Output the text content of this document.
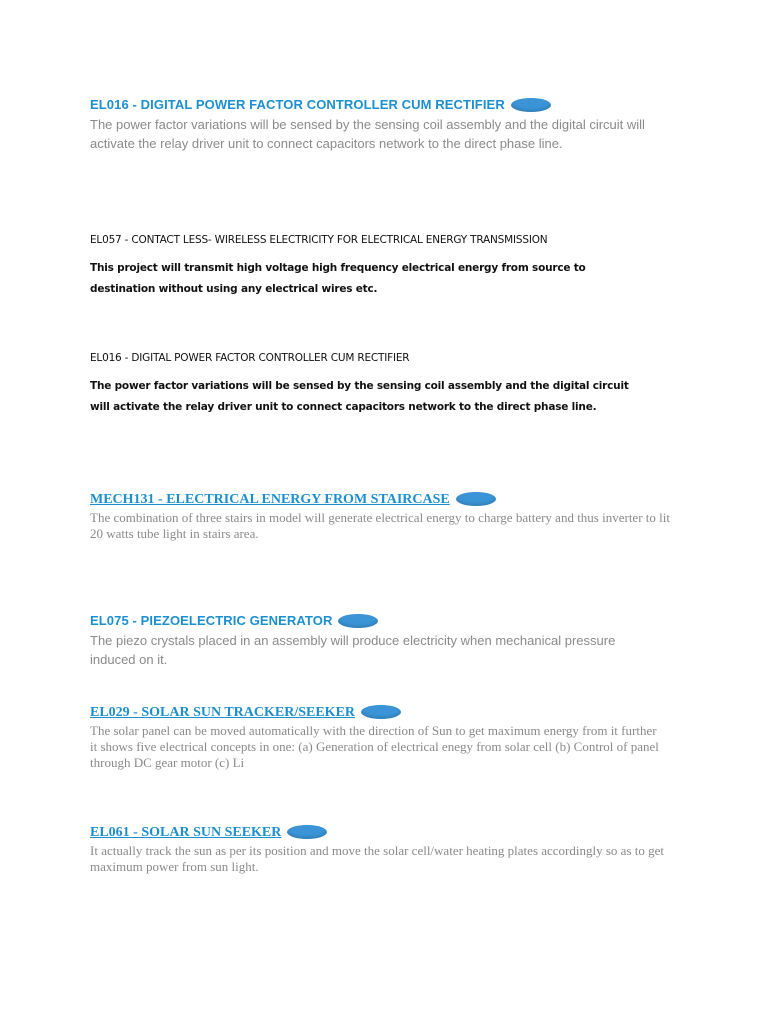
EL016 - DIGITAL POWER FACTOR CONTROLLER CUM RECTIFIER
The power factor variations will be sensed by the sensing coil assembly and the digital circuit will activate the relay driver unit to connect capacitors network to the direct phase line.
EL057 - CONTACT LESS- WIRELESS ELECTRICITY FOR ELECTRICAL ENERGY TRANSMISSION
This project will transmit high voltage high frequency electrical energy from source to destination without using any electrical wires etc.
EL016 - DIGITAL POWER FACTOR CONTROLLER CUM RECTIFIER
The power factor variations will be sensed by the sensing coil assembly and the digital circuit will activate the relay driver unit to connect capacitors network to the direct phase line.
MECH131 - ELECTRICAL ENERGY FROM STAIRCASE
The combination of three stairs in model will generate electrical energy to charge battery and thus inverter to lit 20 watts tube light in stairs area.
EL075 - PIEZOELECTRIC GENERATOR
The piezo crystals placed in an assembly will produce electricity when mechanical pressure induced on it.
EL029 - SOLAR SUN TRACKER/SEEKER
The solar panel can be moved automatically with the direction of Sun to get maximum energy from it further it shows five electrical concepts in one: (a) Generation of electrical enegy from solar cell (b) Control of panel through DC gear motor (c) Li
EL061 - SOLAR SUN SEEKER
It actually track the sun as per its position and move the solar cell/water heating plates accordingly so as to get maximum power from sun light.
